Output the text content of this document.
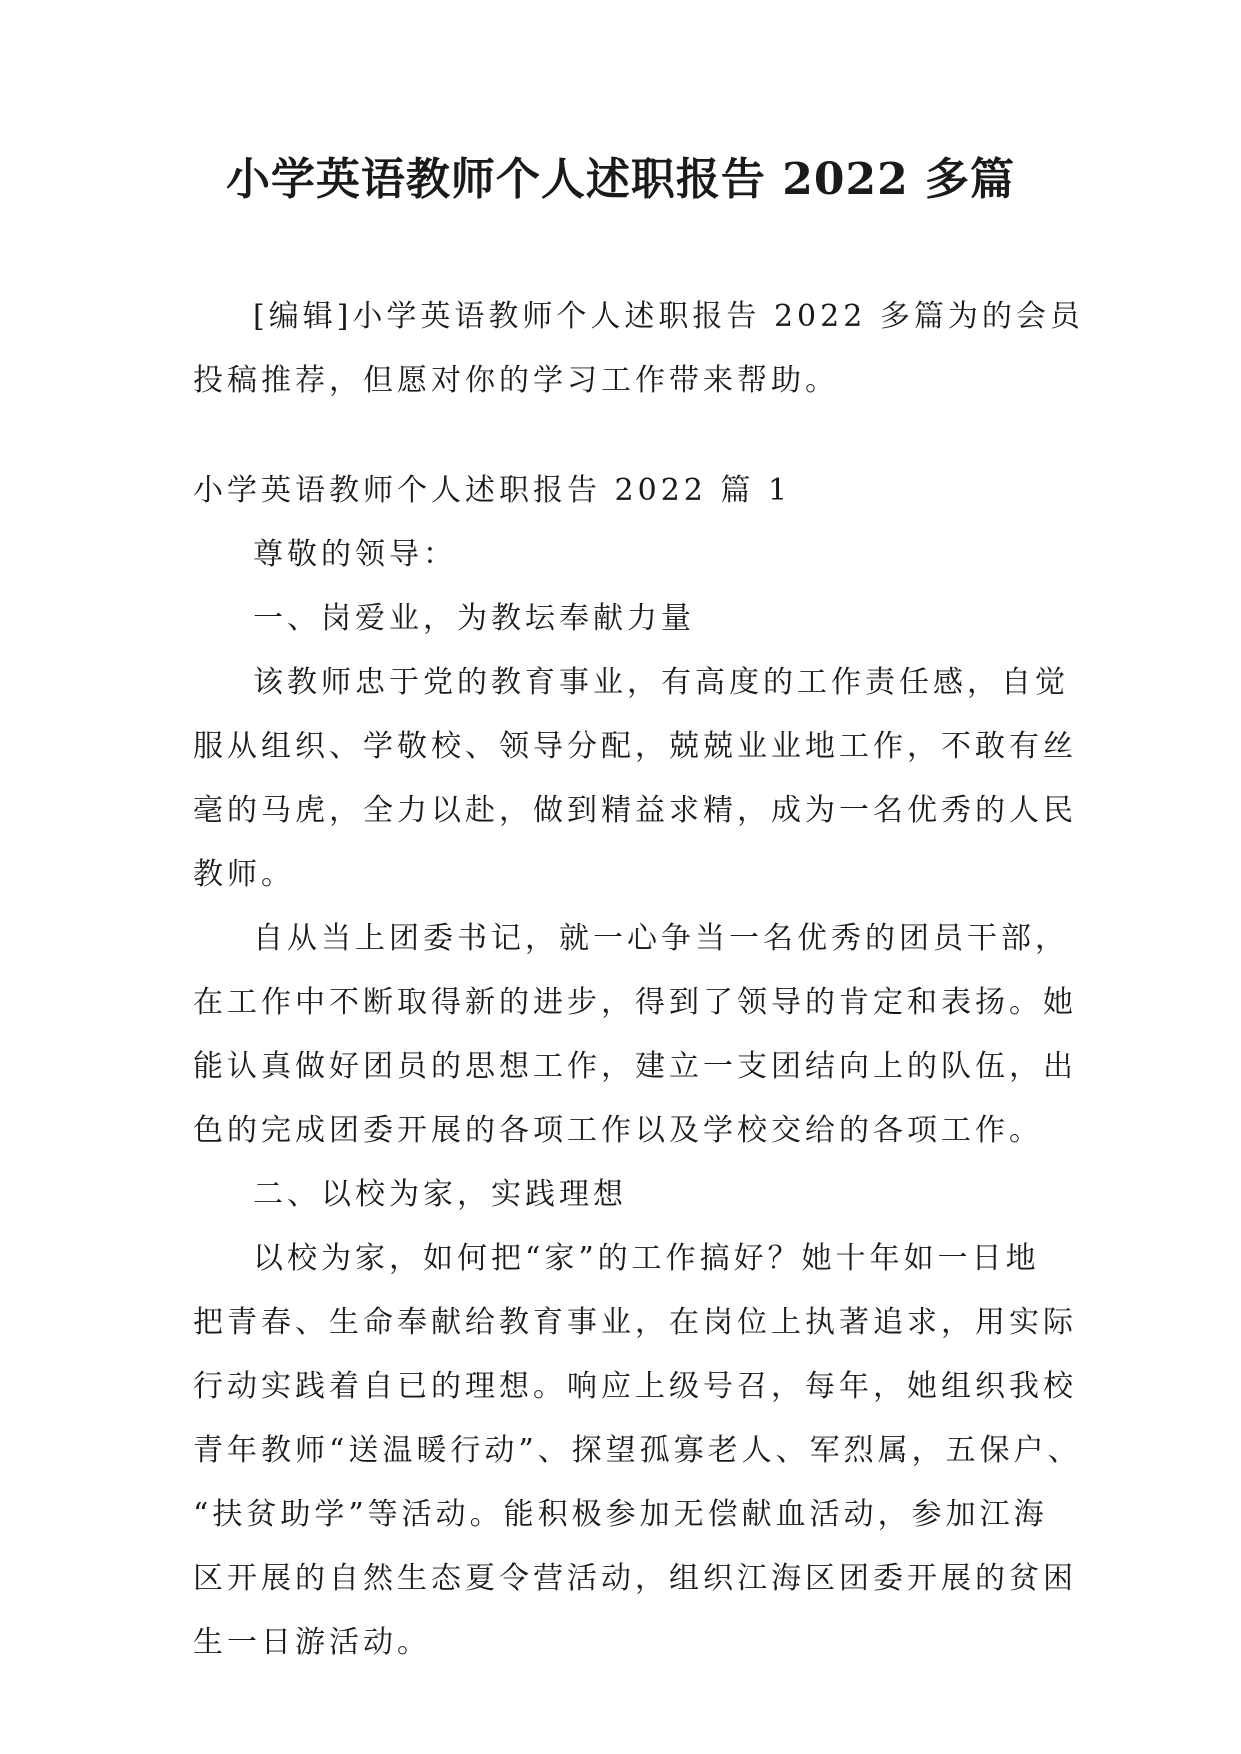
小学英语教师个人述职报告 2022 多篇

[编辑]小学英语教师个人述职报告 2022 多篇为的会员
投稿推荐，但愿对你的学习工作带来帮助。

小学英语教师个人述职报告 2022 篇 1

尊敬的领导：

一、岗爱业，为教坛奉献力量

该教师忠于党的教育事业，有高度的工作责任感，自觉
服从组织、学敬校、领导分配，兢兢业业地工作，不敢有丝
毫的马虎，全力以赴，做到精益求精，成为一名优秀的人民
教师。

自从当上团委书记，就一心争当一名优秀的团员干部，
在工作中不断取得新的进步，得到了领导的肯定和表扬。她
能认真做好团员的思想工作，建立一支团结向上的队伍，出
色的完成团委开展的各项工作以及学校交给的各项工作。

二、以校为家，实践理想

以校为家，如何把“家”的工作搞好？她十年如一日地
把青春、生命奉献给教育事业，在岗位上执著追求，用实际
行动实践着自已的理想。响应上级号召，每年，她组织我校
青年教师“送温暖行动”、探望孤寡老人、军烈属，五保户、
“扶贫助学”等活动。能积极参加无偿献血活动，参加江海
区开展的自然生态夏令营活动，组织江海区团委开展的贫困
生一日游活动。
